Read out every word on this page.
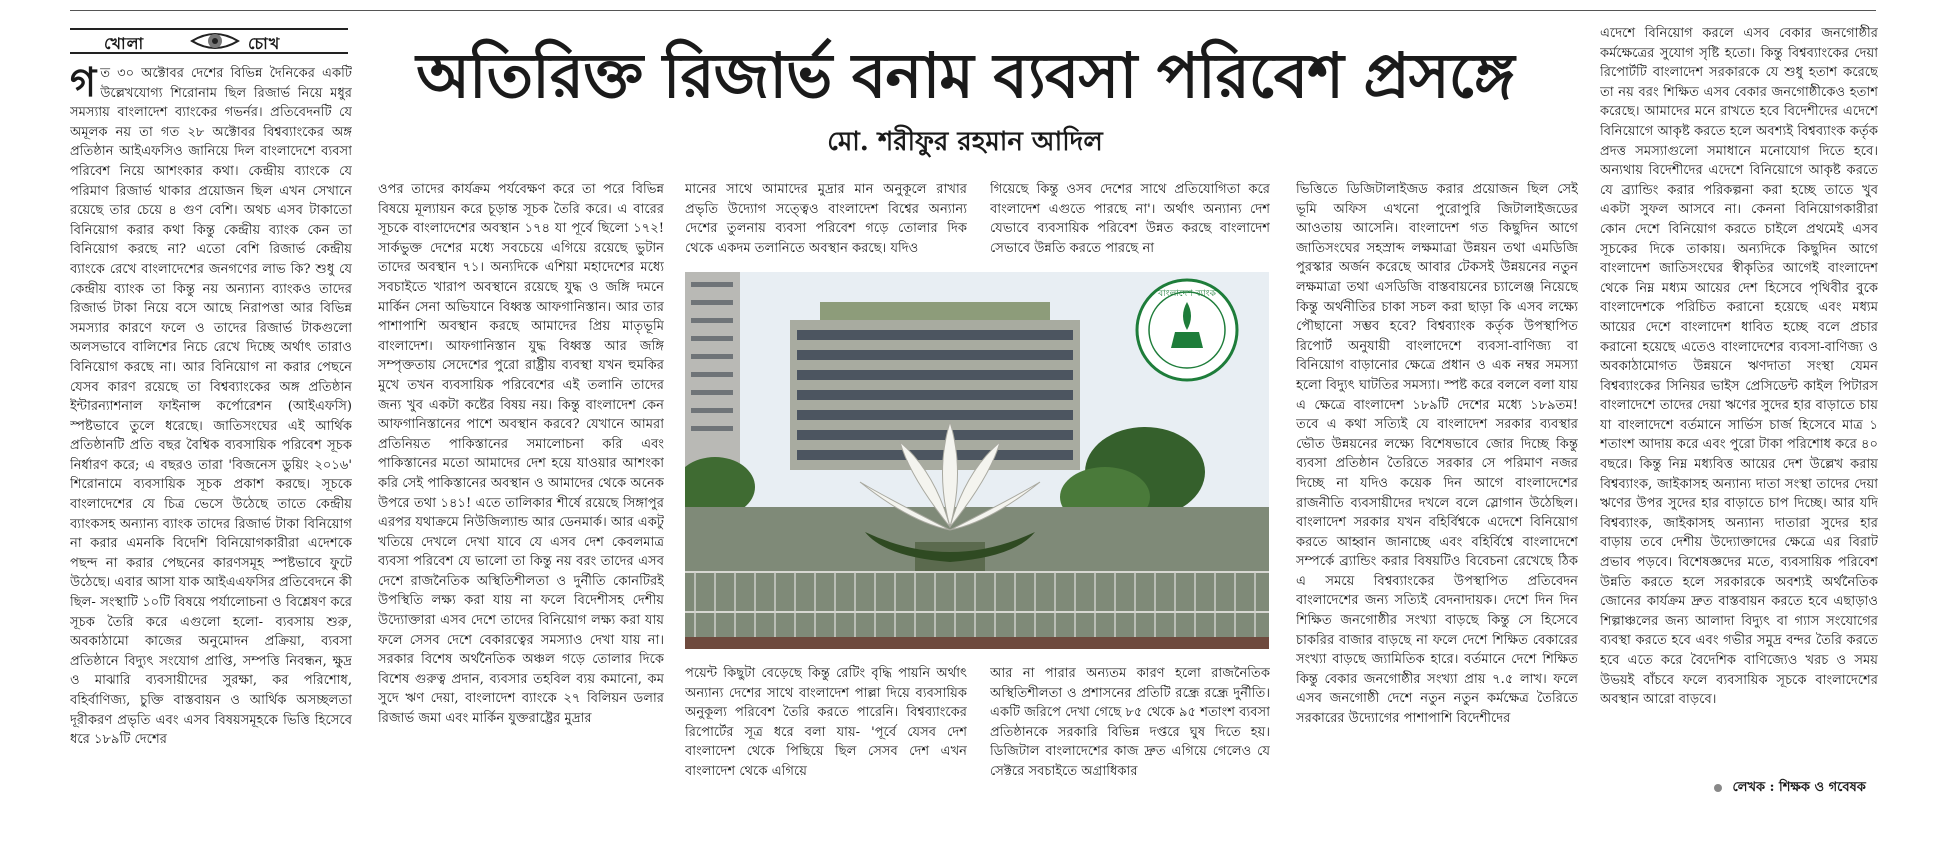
খোলা	চোখ	অতিরিক্ত রিজার্ভ বনাম ব্যবসা পরিবেশ প্রসঙ্গে
মো. শরীফুর রহমান আদিল
গ ত ৩০ অক্টোবর দেশের বিভিন্ন দৈনিকের একটি উল্লেখযোগ্য শিরোনাম ছিল রিজার্ভ নিয়ে মধুর সমস্যায় বাংলাদেশ ব্যাংকের গভর্নর। প্রতিবেদনটি যে অমূলক নয় তা গত ২৮ অক্টোবর বিশ্বব্যাংকের অঙ্গ প্রতিষ্ঠান আইএফসিও জানিয়ে দিল বাংলাদেশে ব্যবসা পরিবেশ নিয়ে আশংকার কথা। কেন্দ্রীয় ব্যাংকে যে পরিমাণ রিজার্ভ থাকার প্রয়োজন ছিল এখন সেখানে রয়েছে তার চেয়ে ৪ গুণ বেশি। অথচ এসব টাকাতো বিনিয়োগ করার কথা কিন্তু কেন্দ্রীয় ব্যাংক কেন তা বিনিয়োগ করছে না? এতো বেশি রিজার্ভ কেন্দ্রীয় ব্যাংকে রেখে বাংলাদেশের জনগণের লাভ কি? শুধু যে কেন্দ্রীয় ব্যাংক তা কিন্তু নয় অন্যান্য ব্যাংকও তাদের রিজার্ভ টাকা নিয়ে বসে আছে নিরাপত্তা আর বিভিন্ন সমস্যার কারণে ফলে ও তাদের রিজার্ভ টাকগুলো অলসভাবে বালিশের নিচে রেখে দিচ্ছে অর্থাৎ তারাও বিনিয়োগ করছে না। আর বিনিয়োগ না করার পেছনে যেসব কারণ রয়েছে তা বিশ্বব্যাংকের অঙ্গ প্রতিষ্ঠান ইন্টারন্যাশনাল ফাইনান্স কর্পোরেশন (আইএফসি) স্পষ্টভাবে তুলে ধরেছে। জাতিসংঘের এই আর্থিক প্রতিষ্ঠানটি প্রতি বছর বৈশ্বিক ব্যবসায়িক পরিবেশ সূচক নির্ধারণ করে; এ বছরও তারা 'বিজনেস ডুয়িং ২০১৬' শিরোনামে ব্যবসায়িক সূচক প্রকাশ করছে। সূচকে বাংলাদেশের যে চিত্র ভেসে উঠেছে তাতে কেন্দ্রীয় ব্যাংকসহ অন্যান্য ব্যাংক তাদের রিজার্ভ টাকা বিনিয়োগ না করার এমনকি বিদেশি বিনিয়োগকারীরা এদেশকে পছন্দ না করার পেছনের কারণসমূহ স্পষ্টভাবে ফুটে উঠেছে। এবার আসা যাক আইএএফসির প্রতিবেদনে কী ছিল- সংস্থাটি ১০টি বিষয়ে পর্যালোচনা ও বিশ্লেষণ করে সূচক তৈরি করে এগুলো হলো- ব্যবসায় শুরু, অবকাঠামো কাজের অনুমোদন প্রক্রিয়া, ব্যবসা প্রতিষ্ঠানে বিদ্যুৎ সংযোগ প্রাপ্তি, সম্পত্তি নিবন্ধন, ক্ষুদ্র ও মাঝারি ব্যবসায়ীদের সুরক্ষা, কর পরিশোধ, বহির্বাণিজ্য, চুক্তি বাস্তবায়ন ও আর্থিক অসচ্ছলতা দূরীকরণ প্রভৃতি এবং এসব বিষয়সমূহকে ভিত্তি হিসেবে ধরে ১৮৯টি দেশের

ওপর তাদের কার্যক্রম পর্যবেক্ষণ করে তা পরে বিভিন্ন বিষয়ে মূল্যায়ন করে চূড়ান্ত সূচক তৈরি করে। এ বারের সূচকে বাংলাদেশের অবস্থান ১৭৪ যা পূর্বে ছিলো ১৭২! সার্কভুক্ত দেশের মধ্যে সবচেয়ে এগিয়ে রয়েছে ভুটান তাদের অবস্থান ৭১। অন্যদিকে এশিয়া মহাদেশের মধ্যে সবচাইতে খারাপ অবস্থানে রয়েছে যুদ্ধ ও জঙ্গি দমনে মার্কিন সেনা অভিযানে বিধ্বস্ত আফগানিস্তান। আর তার পাশাপাশি অবস্থান করছে আমাদের প্রিয় মাতৃভূমি বাংলাদেশ। আফগানিস্তান যুদ্ধ বিধ্বস্ত আর জঙ্গি সম্পৃক্ততায় সেদেশের পুরো রাষ্ট্রীয় ব্যবস্থা যখন হুমকির মুখে তখন ব্যবসায়িক পরিবেশের এই তলানি তাদের জন্য খুব একটা কষ্টের বিষয় নয়। কিন্তু বাংলাদেশ কেন আফগানিস্তানের পাশে অবস্থান করবে? যেখানে আমরা প্রতিনিয়ত পাকিস্তানের সমালোচনা করি এবং পাকিস্তানের মতো আমাদের দেশ হয়ে যাওয়ার আশংকা করি সেই পাকিস্তানের অবস্থান ও আমাদের থেকে অনেক উপরে তথা ১৪১! এতে তালিকার শীর্ষে রয়েছে সিঙ্গাপুর এরপর যথাক্রমে নিউজিল্যান্ড আর ডেনমার্ক। আর একটু খতিয়ে দেখলে দেখা যাবে যে এসব দেশ কেবলমাত্র ব্যবসা পরিবেশ যে ভালো তা কিন্তু নয় বরং তাদের এসব দেশে রাজনৈতিক অস্থিতিশীলতা ও দুর্নীতি কোনটিরই উপস্থিতি লক্ষ্য করা যায় না ফলে বিদেশীসহ দেশীয় উদ্যোক্তারা এসব দেশে তাদের বিনিয়োগ লক্ষ্য করা যায় ফলে সেসব দেশে বেকারত্বের সমস্যাও দেখা যায় না। সরকার বিশেষ অর্থনৈতিক অঞ্চল গড়ে তোলার দিকে বিশেষ গুরুত্ব প্রদান, ব্যবসার তহবিল ব্যয় কমানো, কম সুদে ঋণ দেয়া, বাংলাদেশ ব্যাংকে ২৭ বিলিয়ন ডলার রিজার্ভ জমা এবং মার্কিন যুক্তরাষ্ট্রের মুদ্রার

মানের সাথে আমাদের মুদ্রার মান অনুকূলে রাখার প্রভৃতি উদ্যোগ সত্ত্বেও বাংলাদেশ বিশ্বের অন্যান্য দেশের তুলনায় ব্যবসা পরিবেশ গড়ে তোলার দিক থেকে একদম তলানিতে অবস্থান করছে। যদিও

গিয়েছে কিন্তু ওসব দেশের সাথে প্রতিযোগিতা করে বাংলাদেশ এগুতে পারছে না'। অর্থাৎ অন্যান্য দেশ যেভাবে ব্যবসায়িক পরিবেশ উন্নত করছে বাংলাদেশ সেভাবে উন্নতি করতে পারছে না

বাংলাদেশ ব্যাংক

পয়েন্ট কিছুটা বেড়েছে কিন্তু রেটিং বৃদ্ধি পায়নি অর্থাৎ অন্যান্য দেশের সাথে বাংলাদেশ পাল্লা দিয়ে ব্যবসায়িক অনুকূল্য পরিবেশ তৈরি করতে পারেনি। বিশ্বব্যাংকের রিপোর্টের সূত্র ধরে বলা যায়- 'পূর্বে যেসব দেশ বাংলাদেশ থেকে পিছিয়ে ছিল সেসব দেশ এখন বাংলাদেশ থেকে এগিয়ে

আর না পারার অন্যতম কারণ হলো রাজনৈতিক অস্থিতিশীলতা ও প্রশাসনের প্রতিটি রন্ধ্রে রন্ধ্রে দুর্নীতি। একটি জরিপে দেখা গেছে ৮৫ থেকে ৯৫ শতাংশ ব্যবসা প্রতিষ্ঠানকে সরকারি বিভিন্ন দপ্তরে ঘুষ দিতে হয়। ডিজিটাল বাংলাদেশের কাজ দ্রুত এগিয়ে গেলেও যে সেক্টরে সবচাইতে অগ্রাধিকার

ভিত্তিতে ডিজিটালাইজড করার প্রয়োজন ছিল সেই ভূমি অফিস এখনো পুরোপুরি জিটালাইজডের আওতায় আসেনি। বাংলাদেশ গত কিছুদিন আগে জাতিসংঘের সহস্রাব্দ লক্ষমাত্রা উন্নয়ন তথা এমডিজি পুরস্কার অর্জন করেছে আবার টেকসই উন্নয়নের নতুন লক্ষমাত্রা তথা এসডিজি বাস্তবায়নের চ্যালেঞ্জ নিয়েছে কিন্তু অর্থনীতির চাকা সচল করা ছাড়া কি এসব লক্ষ্যে পৌছানো সম্ভব হবে? বিশ্বব্যাংক কর্তৃক উপস্থাপিত রিপোর্ট অনুযায়ী বাংলাদেশে ব্যবসা-বাণিজ্য বা বিনিয়োগ বাড়ানোর ক্ষেত্রে প্রধান ও এক নম্বর সমস্যা হলো বিদ্যুৎ ঘাটতির সমস্যা। স্পষ্ট করে বললে বলা যায় এ ক্ষেত্রে বাংলাদেশ ১৮৯টি দেশের মধ্যে ১৮৯তম! তবে এ কথা সত্যিই যে বাংলাদেশ সরকার ব্যবস্থার ভৌত উন্নয়নের লক্ষ্যে বিশেষভাবে জোর দিচ্ছে কিন্তু ব্যবসা প্রতিষ্ঠান তৈরিতে সরকার সে পরিমাণ নজর দিচ্ছে না যদিও কয়েক দিন আগে বাংলাদেশের রাজনীতি ব্যবসায়ীদের দখলে বলে স্লোগান উঠেছিল। বাংলাদেশ সরকার যখন বহির্বিশ্বকে এদেশে বিনিয়োগ করতে আহ্বান জানাচ্ছে এবং বহির্বিশ্বে বাংলাদেশে সম্পর্কে ব্র্যান্ডিং করার বিষয়টিও বিবেচনা রেখেছে ঠিক এ সময়ে বিশ্বব্যাংকের উপস্থাপিত প্রতিবেদন বাংলাদেশের জন্য সত্যিই বেদনাদায়ক। দেশে দিন দিন শিক্ষিত জনগোষ্ঠীর সংখ্যা বাড়ছে কিন্তু সে হিসেবে চাকরির বাজার বাড়ছে না ফলে দেশে শিক্ষিত বেকারের সংখ্যা বাড়ছে জ্যামিতিক হারে। বর্তমানে দেশে শিক্ষিত কিন্তু বেকার জনগোষ্ঠীর সংখ্যা প্রায় ৭.৫ লাখ। ফলে এসব জনগোষ্ঠী দেশে নতুন নতুন কর্মক্ষেত্র তৈরিতে সরকারের উদ্যোগের পাশাপাশি বিদেশীদের

এদেশে বিনিয়োগ করলে এসব বেকার জনগোষ্ঠীর কর্মক্ষেত্রের সুযোগ সৃষ্টি হতো। কিন্তু বিশ্বব্যাংকের দেয়া রিপোর্টটি বাংলাদেশ সরকারকে যে শুধু হতাশ করেছে তা নয় বরং শিক্ষিত এসব বেকার জনগোষ্ঠীকেও হতাশ করেছে। আমাদের মনে রাখতে হবে বিদেশীদের এদেশে বিনিয়োগে আকৃষ্ট করতে হলে অবশ্যই বিশ্বব্যাংক কর্তৃক প্রদত্ত সমস্যাগুলো সমাধানে মনোযোগ দিতে হবে। অন্যথায় বিদেশীদের এদেশে বিনিয়োগে আকৃষ্ট করতে যে ব্র্যান্ডিং করার পরিকল্পনা করা হচ্ছে তাতে খুব একটা সুফল আসবে না। কেননা বিনিয়োগকারীরা কোন দেশে বিনিয়োগ করতে চাইলে প্রথমেই এসব সূচকের দিকে তাকায়। অন্যদিকে কিছুদিন আগে বাংলাদেশ জাতিসংঘের স্বীকৃতির আগেই বাংলাদেশ থেকে নিম্ন মধ্যম আয়ের দেশ হিসেবে পৃথিবীর বুকে বাংলাদেশকে পরিচিত করানো হয়েছে এবং মধ্যম আয়ের দেশে বাংলাদেশ ধাবিত হচ্ছে বলে প্রচার করানো হয়েছে এতেও বাংলাদেশের ব্যবসা-বাণিজ্য ও অবকাঠামোগত উন্নয়নে ঋণদাতা সংস্থা যেমন বিশ্বব্যাংকের সিনিয়র ভাইস প্রেসিডেন্ট কাইল পিটারস বাংলাদেশে তাদের দেয়া ঋণের সুদের হার বাড়াতে চায় যা বাংলাদেশে বর্তমানে সার্ভিস চার্জ হিসেবে মাত্র ১ শতাংশ আদায় করে এবং পুরো টাকা পরিশোধ করে ৪০ বছরে। কিন্তু নিম্ন মধ্যবিত্ত আয়ের দেশ উল্লেখ করায় বিশ্বব্যাংক, জাইকাসহ অন্যান্য দাতা সংস্থা তাদের দেয়া ঋণের উপর সুদের হার বাড়াতে চাপ দিচ্ছে। আর যদি বিশ্বব্যাংক, জাইকাসহ অন্যান্য দাতারা সুদের হার বাড়ায় তবে দেশীয় উদ্যোক্তাদের ক্ষেত্রে এর বিরাট প্রভাব পড়বে। বিশেষজ্ঞদের মতে, ব্যবসায়িক পরিবেশ উন্নতি করতে হলে সরকারকে অবশ্যই অর্থনৈতিক জোনের কার্যক্রম দ্রুত বাস্তবায়ন করতে হবে এছাড়াও শিল্পাঞ্চলের জন্য আলাদা বিদ্যুৎ বা গ্যাস সংযোগের ব্যবস্থা করতে হবে এবং গভীর সমুদ্র বন্দর তৈরি করতে হবে এতে করে বৈদেশিক বাণিজ্যেও খরচ ও সময় উভয়ই বাঁচবে ফলে ব্যবসায়িক সূচকে বাংলাদেশের অবস্থান আরো বাড়বে।

লেখক : শিক্ষক ও গবেষক
